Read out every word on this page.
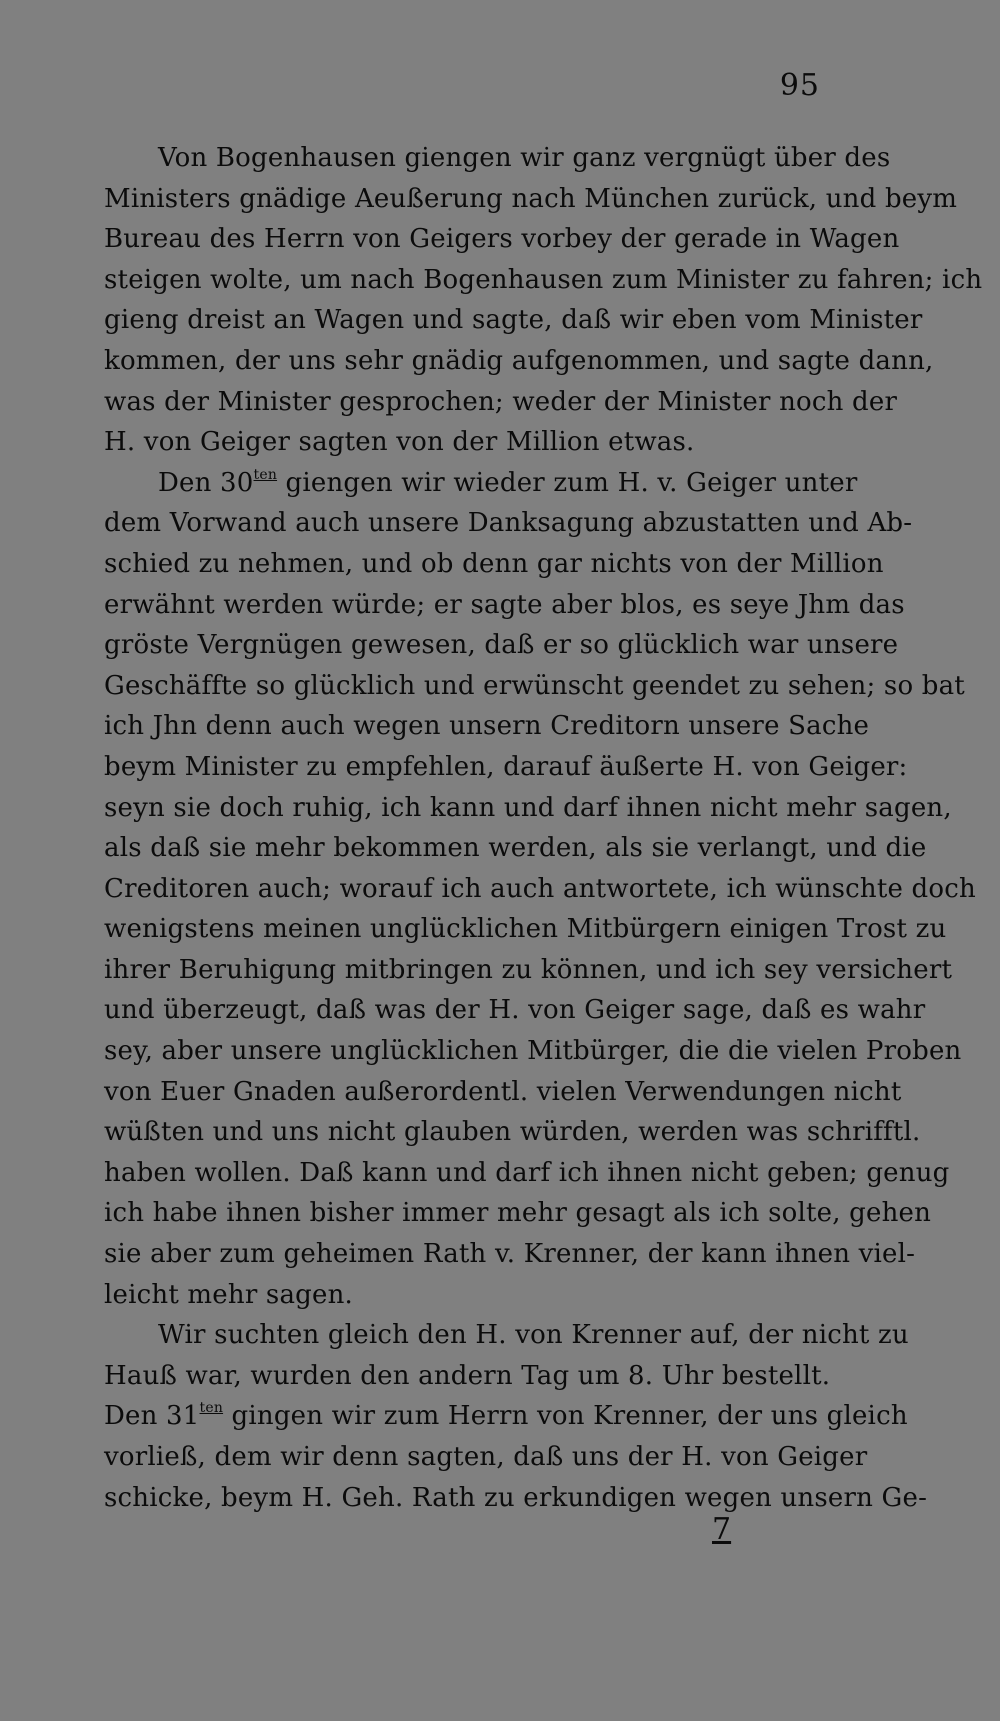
95
Von Bogenhausen giengen wir ganz vergnügt über des
Ministers gnädige Aeußerung nach München zurück, und beym
Bureau des Herrn von Geigers vorbey der gerade in Wagen
steigen wolte, um nach Bogenhausen zum Minister zu fahren; ich
gieng dreist an Wagen und sagte, daß wir eben vom Minister
kommen, der uns sehr gnädig aufgenommen, und sagte dann,
was der Minister gesprochen; weder der Minister noch der
H. von Geiger sagten von der Million etwas.
Den $30^{ten}$ giengen wir wieder zum H. v. Geiger unter
dem Vorwand auch unsere Danksagung abzustatten und Ab-
schied zu nehmen, und ob denn gar nichts von der Million
erwähnt werden würde; er sagte aber blos, es seye Jhm das
gröste Vergnügen gewesen, daß er so glücklich war unsere
Geschäffte so glücklich und erwünscht geendet zu sehen; so bat
ich Jhn denn auch wegen unsern Creditorn unsere Sache
beym Minister zu empfehlen, darauf äußerte H. von Geiger:
seyn sie doch ruhig, ich kann und darf ihnen nicht mehr sagen,
als daß sie mehr bekommen werden, als sie verlangt, und die
Creditoren auch; worauf ich auch antwortete, ich wünschte doch
wenigstens meinen unglücklichen Mitbürgern einigen Trost zu
ihrer Beruhigung mitbringen zu können, und ich sey versichert
und überzeugt, daß was der H. von Geiger sage, daß es wahr
sey, aber unsere unglücklichen Mitbürger, die die vielen Proben
von Euer Gnaden außerordentl. vielen Verwendungen nicht
wüßten und uns nicht glauben würden, werden was schrifftl.
haben wollen. Daß kann und darf ich ihnen nicht geben; genug
ich habe ihnen bisher immer mehr gesagt als ich solte, gehen
sie aber zum geheimen Rath v. Krenner, der kann ihnen viel-
leicht mehr sagen.
Wir suchten gleich den H. von Krenner auf, der nicht zu
Hauß war, wurden den andern Tag um 8. Uhr bestellt.
Den $31^{ten}$ gingen wir zum Herrn von Krenner, der uns gleich
vorließ, dem wir denn sagten, daß uns der H. von Geiger
schicke, beym H. Geh. Rath zu erkundigen wegen unsern Ge-
7
